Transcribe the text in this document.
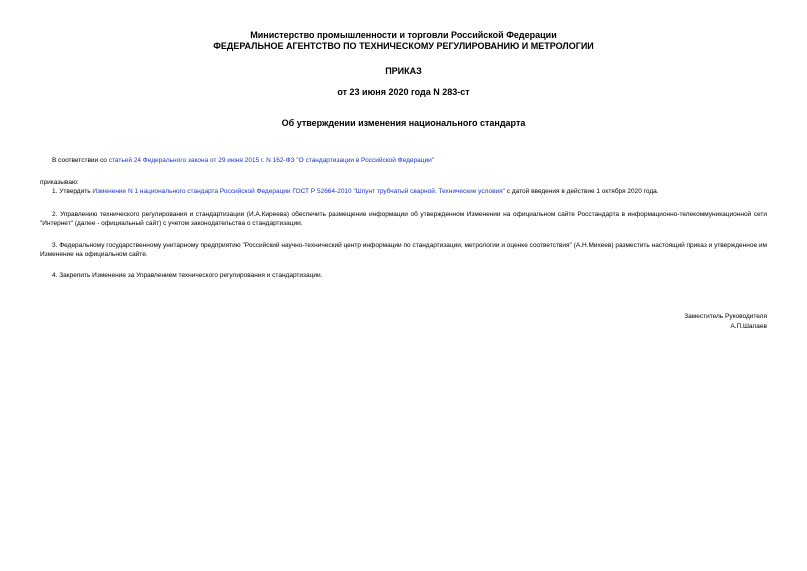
Министерство промышленности и торговли Российской Федерации
ФЕДЕРАЛЬНОЕ АГЕНТСТВО ПО ТЕХНИЧЕСКОМУ РЕГУЛИРОВАНИЮ И МЕТРОЛОГИИ
ПРИКАЗ
от 23 июня 2020 года N 283-ст
Об утверждении изменения национального стандарта
В соответствии со статьей 24 Федерального закона от 29 июня 2015 г. N 162-ФЗ "О стандартизации в Российской Федерации"
приказываю:
1. Утвердить Изменение N 1 национального стандарта Российской Федерации ГОСТ Р 52664-2010 "Шпунт трубчатый сварной. Технические условия" с датой введения в действие 1 октября 2020 года.
2. Управлению технического регулирования и стандартизации (И.А.Киреева) обеспечить размещение информации об утвержденном Изменении на официальном сайте Росстандарта в информационно-телекоммуникационной сети "Интернет" (далее - официальный сайт) с учетом законодательства о стандартизации.
3. Федеральному государственному унитарному предприятию "Российский научно-технический центр информации по стандартизации, метрологии и оценке соответствия" (А.Н.Михеев) разместить настоящий приказ и утвержденное им Изменение на официальном сайте.
4. Закрепить Изменение за Управлением технического регулирования и стандартизации.
Заместитель Руководителя
А.П.Шалаев
